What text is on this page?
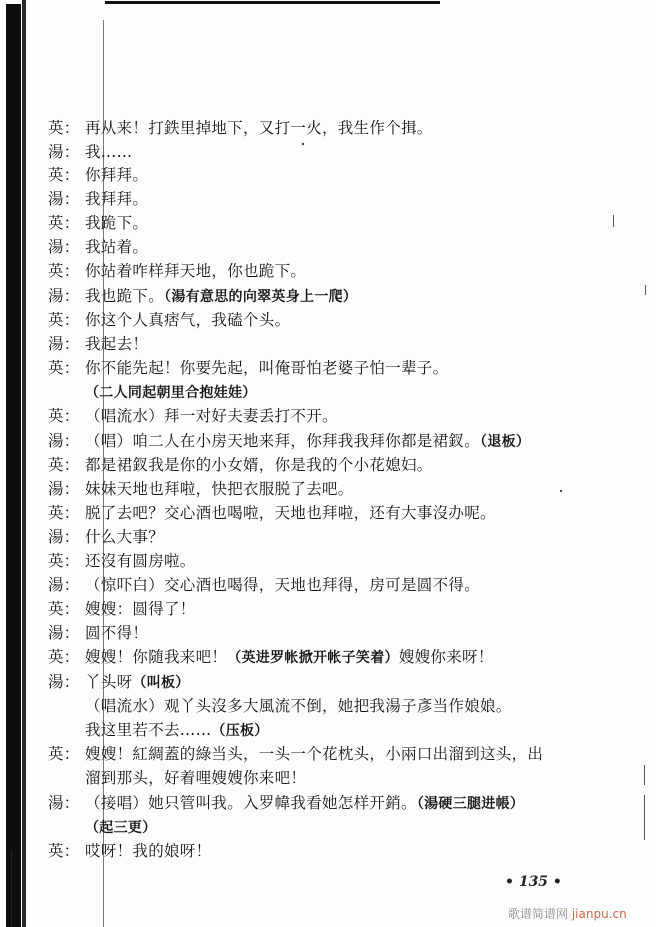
英： 再从来！打鉄里掉地下，又打一火，我生作个揖。
湯： 我……
英： 你拜拜。
湯： 我拜拜。
英： 我跪下。
湯： 我站着。
英： 你站着咋样拜天地，你也跪下。
湯： 我也跪下。（湯有意思的向翠英身上一爬）
英： 你这个人真痞气，我磕个头。
湯： 我起去！
英： 你不能先起！你要先起，叫俺哥怕老婆子怕一辈子。
（二人同起朝里合抱娃娃）
英： （唱流水）拜一对好夫妻丢打不开。
湯： （唱）咱二人在小房天地来拜，你拜我我拜你都是裙釵。（退板）
英： 都是裙釵我是你的小女婿，你是我的个小花媳妇。
湯： 妹妹天地也拜啦，快把衣服脱了去吧。
英： 脱了去吧？交心酒也喝啦，天地也拜啦，还有大事沒办呢。
湯： 什么大事？
英： 还沒有圆房啦。
湯： （惊吓白）交心酒也喝得，天地也拜得，房可是圆不得。
英： 嫂嫂：圆得了！
湯： 圆不得！
英： 嫂嫂！你随我来吧！（英进罗帐掀开帐子笑着）嫂嫂你来呀！
湯： 丫头呀（叫板）
（唱流水）观丫头沒多大風流不倒，她把我湯子彥当作娘娘。
我这里若不去……（压板）
英： 嫂嫂！紅綢蓋的綠当头，一头一个花枕头，小兩口出溜到这头，出
溜到那头，好着哩嫂嫂你来吧！
湯： （接唱）她只管叫我。入罗幃我看她怎样开銷。（湯硬三腿进帳）
（起三更）
英： 哎呀！我的娘呀！
• 135 •
歌谱简谱网 jianpu.cn
